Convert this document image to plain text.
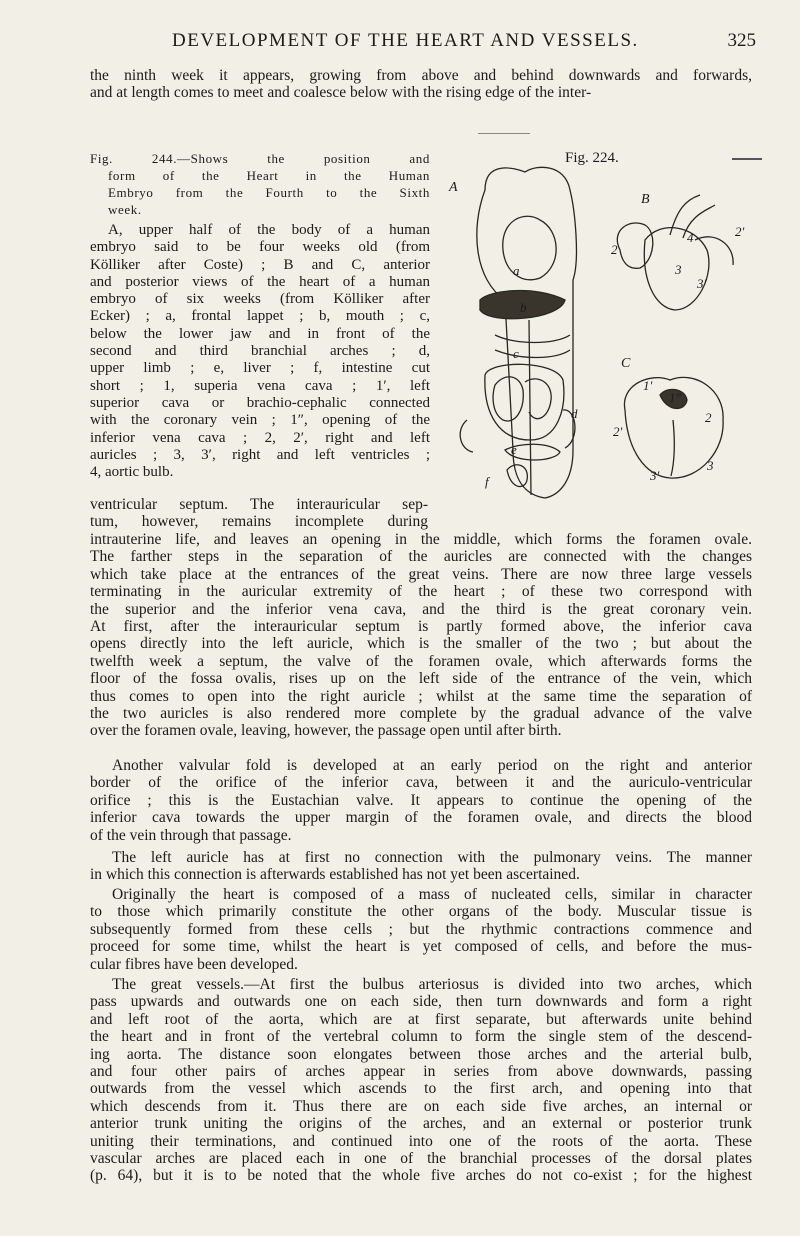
DEVELOPMENT OF THE HEART AND VESSELS.	325
the ninth week it appears, growing from above and behind downwards and forwards,
and at length comes to meet and coalesce below with the rising edge of the inter-
Fig. 244.—Shows the position and
form of the Heart in the Human
Embryo from the Fourth to the Sixth
week.
A, upper half of the body of a human
embryo said to be four weeks old (from
Kölliker after Coste) ; B and C, anterior
and posterior views of the heart of a human
embryo of six weeks (from Kölliker after
Ecker) ; a, frontal lappet ; b, mouth ; c,
below the lower jaw and in front of the
second and third branchial arches ; d,
upper limb ; e, liver ; f, intestine cut
short ; 1, superia vena cava ; 1′, left
superior cava or brachio-cephalic connected
with the coronary vein ; 1″, opening of the
inferior vena cava ; 2, 2′, right and left
auricles ; 3, 3′, right and left ventricles ;
4, aortic bulb.
Fig. 224.
A
B
C
a
b
c
d
e
f
2
4	2′
3
3′
1″
1′
2′
2
3
3′
ventricular septum. The interauricular sep-
tum, however, remains incomplete during
intrauterine life, and leaves an opening in the middle, which forms the foramen ovale.
The farther steps in the separation of the auricles are connected with the changes
which take place at the entrances of the great veins. There are now three large vessels
terminating in the auricular extremity of the heart ; of these two correspond with
the superior and the inferior vena cava, and the third is the great coronary vein.
At first, after the interauricular septum is partly formed above, the inferior cava
opens directly into the left auricle, which is the smaller of the two ; but about the
twelfth week a septum, the valve of the foramen ovale, which afterwards forms the
floor of the fossa ovalis, rises up on the left side of the entrance of the vein, which
thus comes to open into the right auricle ; whilst at the same time the separation of
the two auricles is also rendered more complete by the gradual advance of the valve
over the foramen ovale, leaving, however, the passage open until after birth.
Another valvular fold is developed at an early period on the right and anterior
border of the orifice of the inferior cava, between it and the auriculo-ventricular
orifice ; this is the Eustachian valve. It appears to continue the opening of the
inferior cava towards the upper margin of the foramen ovale, and directs the blood
of the vein through that passage.
The left auricle has at first no connection with the pulmonary veins. The manner
in which this connection is afterwards established has not yet been ascertained.
Originally the heart is composed of a mass of nucleated cells, similar in character
to those which primarily constitute the other organs of the body. Muscular tissue is
subsequently formed from these cells ; but the rhythmic contractions commence and
proceed for some time, whilst the heart is yet composed of cells, and before the mus-
cular fibres have been developed.
The great vessels.—At first the bulbus arteriosus is divided into two arches, which
pass upwards and outwards one on each side, then turn downwards and form a right
and left root of the aorta, which are at first separate, but afterwards unite behind
the heart and in front of the vertebral column to form the single stem of the descend-
ing aorta. The distance soon elongates between those arches and the arterial bulb,
and four other pairs of arches appear in series from above downwards, passing
outwards from the vessel which ascends to the first arch, and opening into that
which descends from it. Thus there are on each side five arches, an internal or
anterior trunk uniting the origins of the arches, and an external or posterior trunk
uniting their terminations, and continued into one of the roots of the aorta. These
vascular arches are placed each in one of the branchial processes of the dorsal plates
(p. 64), but it is to be noted that the whole five arches do not co-exist ; for the highest
